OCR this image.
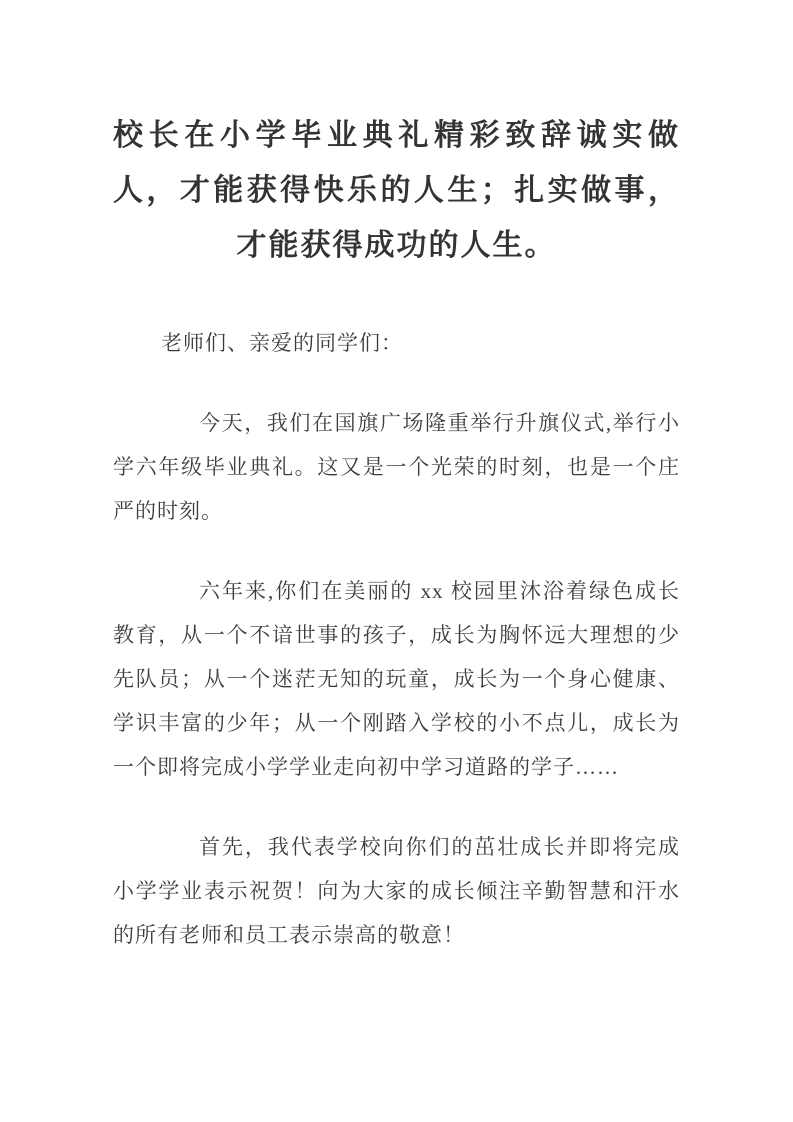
校长在小学毕业典礼精彩致辞诚实做人，才能获得快乐的人生；扎实做事，才能获得成功的人生。

老师们、亲爱的同学们：

今天，我们在国旗广场隆重举行升旗仪式,举行小学六年级毕业典礼。这又是一个光荣的时刻，也是一个庄严的时刻。

六年来,你们在美丽的 xx 校园里沐浴着绿色成长教育，从一个不谙世事的孩子，成长为胸怀远大理想的少先队员；从一个迷茫无知的玩童，成长为一个身心健康、学识丰富的少年；从一个刚踏入学校的小不点儿，成长为一个即将完成小学学业走向初中学习道路的学子……

首先，我代表学校向你们的茁壮成长并即将完成小学学业表示祝贺！向为大家的成长倾注辛勤智慧和汗水的所有老师和员工表示崇高的敬意！
